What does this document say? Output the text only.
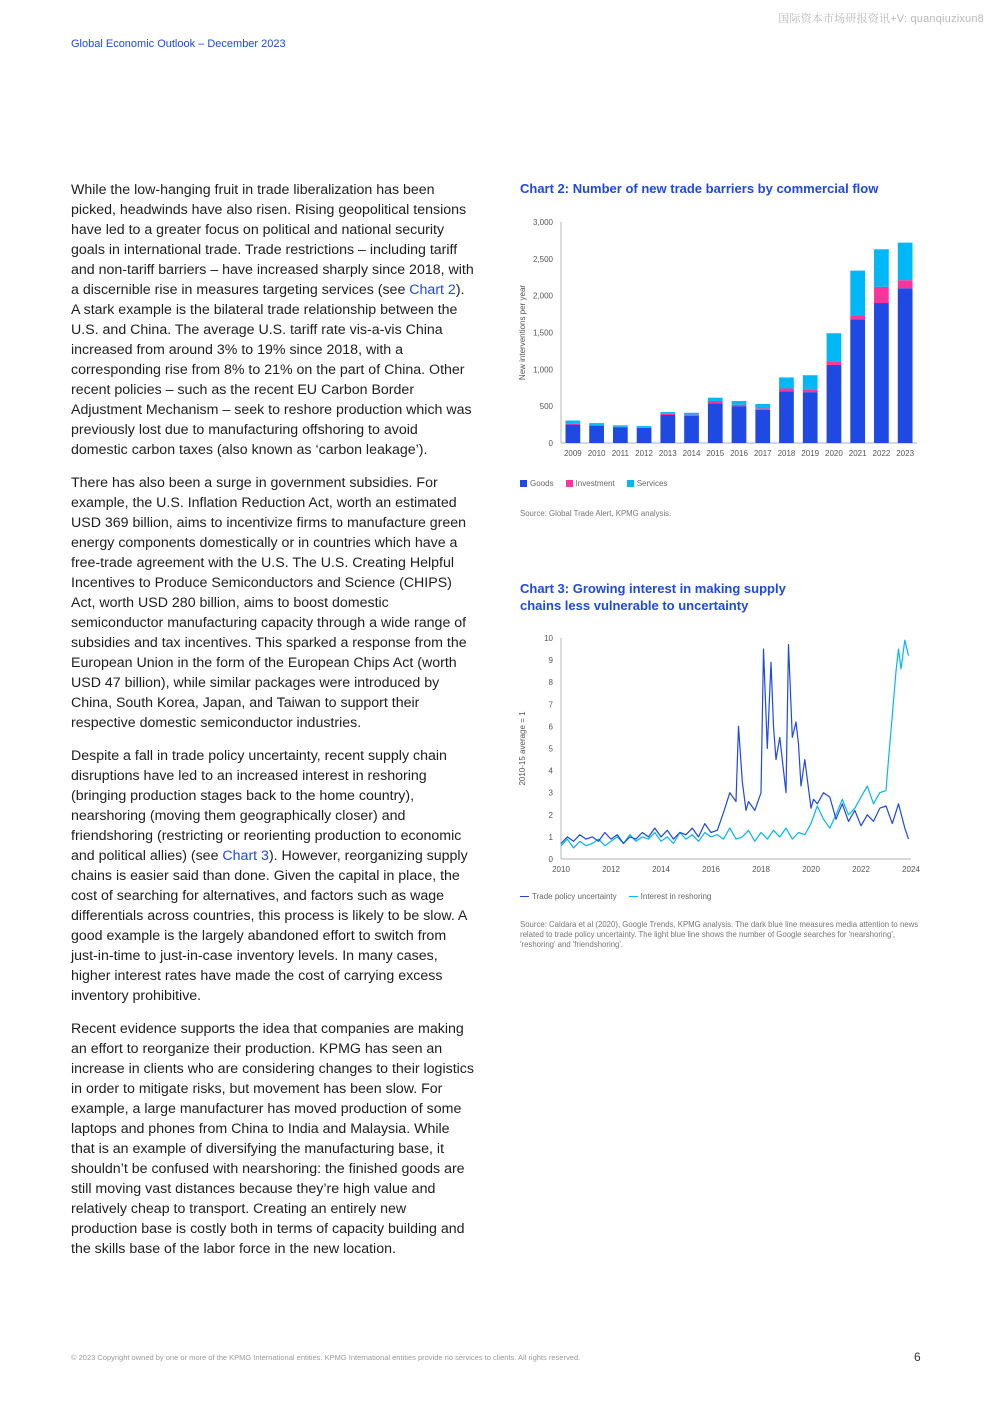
国际资本市场研报资讯+V: quanqiuzixun8
Global Economic Outlook – December 2023

While the low-hanging fruit in trade liberalization has been picked, headwinds have also risen. Rising geopolitical tensions have led to a greater focus on political and national security goals in international trade. Trade restrictions – including tariff and non-tariff barriers – have increased sharply since 2018, with a discernible rise in measures targeting services (see Chart 2). A stark example is the bilateral trade relationship between the U.S. and China. The average U.S. tariff rate vis-a-vis China increased from around 3% to 19% since 2018, with a corresponding rise from 8% to 21% on the part of China. Other recent policies – such as the recent EU Carbon Border Adjustment Mechanism – seek to reshore production which was previously lost due to manufacturing offshoring to avoid domestic carbon taxes (also known as ‘carbon leakage’).

There has also been a surge in government subsidies. For example, the U.S. Inflation Reduction Act, worth an estimated USD 369 billion, aims to incentivize firms to manufacture green energy components domestically or in countries which have a free-trade agreement with the U.S. The U.S. Creating Helpful Incentives to Produce Semiconductors and Science (CHIPS) Act, worth USD 280 billion, aims to boost domestic semiconductor manufacturing capacity through a wide range of subsidies and tax incentives. This sparked a response from the European Union in the form of the European Chips Act (worth USD 47 billion), while similar packages were introduced by China, South Korea, Japan, and Taiwan to support their respective domestic semiconductor industries.

Despite a fall in trade policy uncertainty, recent supply chain disruptions have led to an increased interest in reshoring (bringing production stages back to the home country), nearshoring (moving them geographically closer) and friendshoring (restricting or reorienting production to economic and political allies) (see Chart 3). However, reorganizing supply chains is easier said than done. Given the capital in place, the cost of searching for alternatives, and factors such as wage differentials across countries, this process is likely to be slow. A good example is the largely abandoned effort to switch from just-in-time to just-in-case inventory levels. In many cases, higher interest rates have made the cost of carrying excess inventory prohibitive.

Recent evidence supports the idea that companies are making an effort to reorganize their production. KPMG has seen an increase in clients who are considering changes to their logistics in order to mitigate risks, but movement has been slow. For example, a large manufacturer has moved production of some laptops and phones from China to India and Malaysia. While that is an example of diversifying the manufacturing base, it shouldn’t be confused with nearshoring: the finished goods are still moving vast distances because they’re high value and relatively cheap to transport. Creating an entirely new production base is costly both in terms of capacity building and the skills base of the labor force in the new location.

Chart 2: Number of new trade barriers by commercial flow
0
500
1,000
1,500
2,000
2,500
3,000
New interventions per year
2009 2010 2011 2012 2013 2014 2015 2016 2017 2018 2019 2020 2021 2022 2023
Goods	Investment	Services
Source: Global Trade Alert, KPMG analysis.
Chart 3: Growing interest in making supply
chains less vulnerable to uncertainty
0
1
2
3
4
5
6
7
8
9
10
2010	2012	2014	2016	2018	2020	2022	2024
2010-15 average = 1
Trade policy uncertainty	Interest in reshoring
Source: Caldara et al (2020), Google Trends, KPMG analysis. The dark blue line measures media attention to news related to trade policy uncertainty. The light blue line shows the number of Google searches for 'nearshoring', 'reshoring' and 'friendshoring'.
© 2023 Copyright owned by one or more of the KPMG International entities. KPMG International entities provide no services to clients. All rights reserved.	6
